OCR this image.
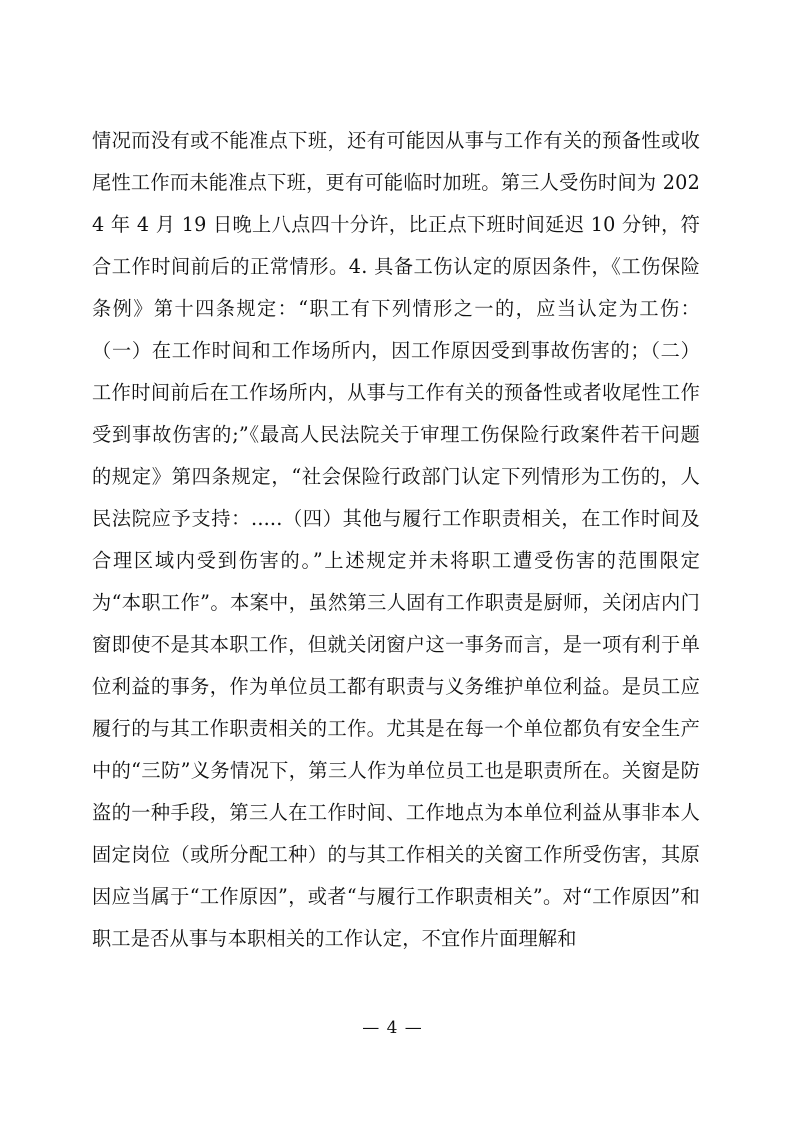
情况而没有或不能准点下班，还有可能因从事与工作有关的预备性或收尾性工作而未能准点下班，更有可能临时加班。第三人受伤时间为 2024 年 4 月 19 日晚上八点四十分许，比正点下班时间延迟 10 分钟，符合工作时间前后的正常情形。4. 具备工伤认定的原因条件，《工伤保险条例》第十四条规定：“职工有下列情形之一的，应当认定为工伤：（一）在工作时间和工作场所内，因工作原因受到事故伤害的；（二）工作时间前后在工作场所内，从事与工作有关的预备性或者收尾性工作受到事故伤害的;”《最高人民法院关于审理工伤保险行政案件若干问题的规定》第四条规定，“社会保险行政部门认定下列情形为工伤的，人民法院应予支持：.....（四）其他与履行工作职责相关，在工作时间及合理区域内受到伤害的。”上述规定并未将职工遭受伤害的范围限定为“本职工作”。本案中，虽然第三人固有工作职责是厨师，关闭店内门窗即使不是其本职工作，但就关闭窗户这一事务而言，是一项有利于单位利益的事务，作为单位员工都有职责与义务维护单位利益。是员工应履行的与其工作职责相关的工作。尤其是在每一个单位都负有安全生产中的“三防”义务情况下，第三人作为单位员工也是职责所在。关窗是防盗的一种手段，第三人在工作时间、工作地点为本单位利益从事非本人固定岗位（或所分配工种）的与其工作相关的关窗工作所受伤害，其原因应当属于“工作原因”，或者“与履行工作职责相关”。对“工作原因”和职工是否从事与本职相关的工作认定，不宜作片面理解和

— 4 —
